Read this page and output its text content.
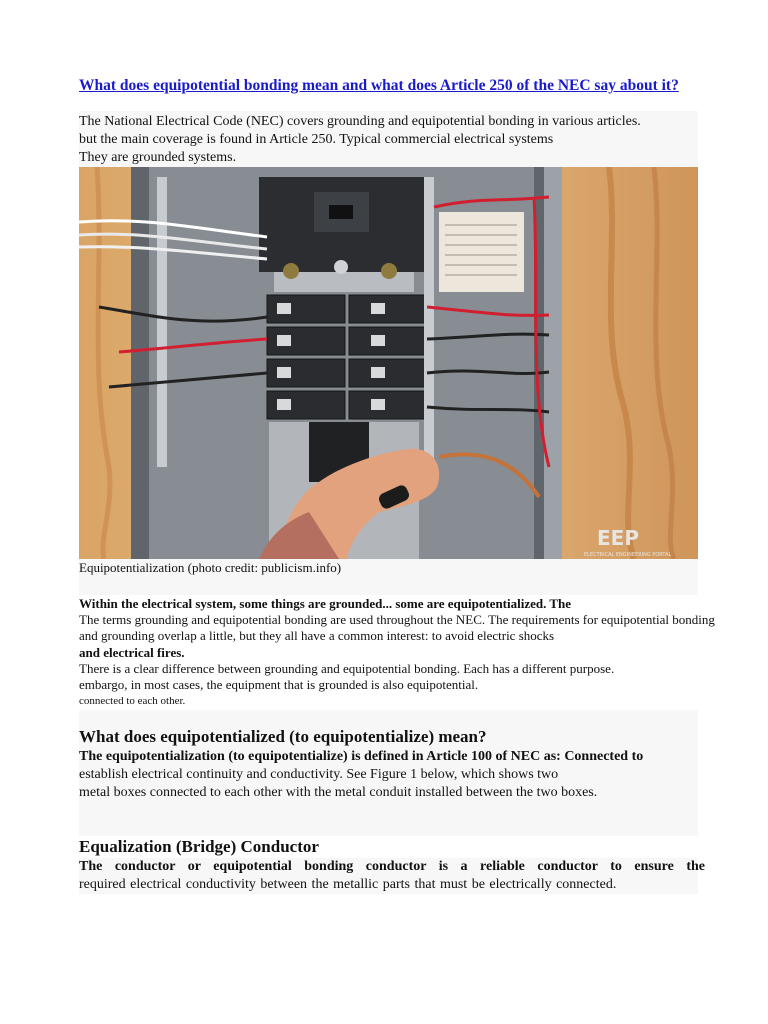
What does equipotential bonding mean and what does Article 250 of the NEC say about it?
The National Electrical Code (NEC) covers grounding and equipotential bonding in various articles.
but the main coverage is found in Article 250. Typical commercial electrical systems
They are grounded systems.
EEP
ELECTRICAL ENGINEERING PORTAL
Equipotentialization (photo credit: publicism.info)
Within the electrical system, some things are grounded... some are equipotentialized. The
The terms grounding and equipotential bonding are used throughout the NEC. The requirements for equipotential bonding
and grounding overlap a little, but they all have a common interest: to avoid electric shocks
and electrical fires.
There is a clear difference between grounding and equipotential bonding. Each has a different purpose.
embargo, in most cases, the equipment that is grounded is also equipotential.
connected to each other.
What does equipotentialized (to equipotentialize) mean?
The equipotentialization (to equipotentialize) is defined in Article 100 of NEC as: Connected to
establish electrical continuity and conductivity. See Figure 1 below, which shows two
metal boxes connected to each other with the metal conduit installed between the two boxes.
Equalization (Bridge) Conductor
The conductor or equipotential bonding conductor is a reliable conductor to ensure the
required electrical conductivity between the metallic parts that must be electrically connected.
